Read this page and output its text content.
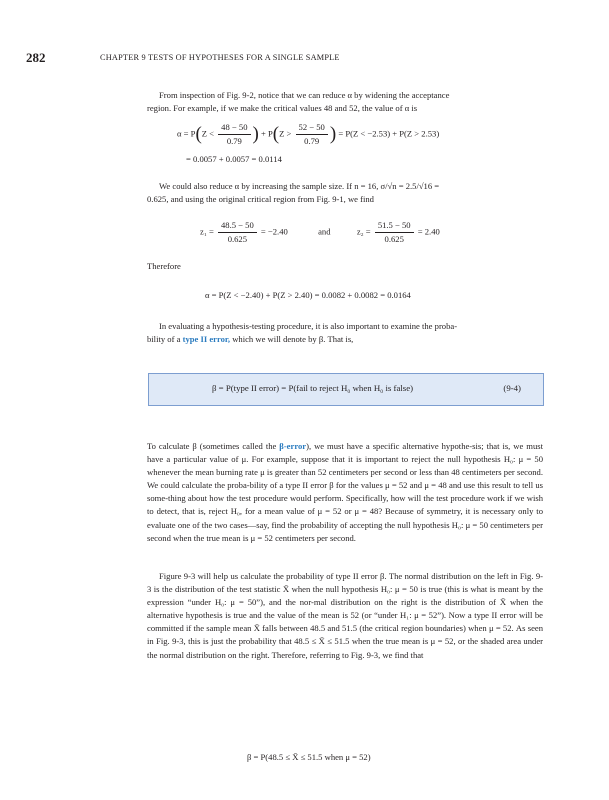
282	CHAPTER 9 TESTS OF HYPOTHESES FOR A SINGLE SAMPLE
From inspection of Fig. 9-2, notice that we can reduce α by widening the acceptance
region. For example, if we make the critical values 48 and 52, the value of α is
$\alpha = P(Z < \frac{48 - 50}{0.79}$ ) + $P(Z > \frac{52 - 50}{0.79}$ ) = P(Z < −2.53) + P(Z > 2.53)
= 0.0057 + 0.0057 = 0.0114
We could also reduce α by increasing the sample size. If n = 16, σ/√n = 2.5/√16 =
0.625, and using the original critical region from Fig. 9-1, we find
$z_1 = \frac{48.5 - 50}{0.625} = -2.40$	and	$z_2 = \frac{51.5 - 50}{0.625} = 2.40$
Therefore
α = P(Z < −2.40) + P(Z > 2.40) = 0.0082 + 0.0082 = 0.0164
In evaluating a hypothesis-testing procedure, it is also important to examine the proba-
bility of a type II error, which we will denote by β. That is,
β = P(type II error) = P(fail to reject H₀ when H₀ is false)	(9-4)
To calculate β (sometimes called the β-error), we must have a specific alternative hypothe-sis; that is, we must have a particular value of μ. For example, suppose that it is important to reject the null hypothesis H₀: μ = 50 whenever the mean burning rate μ is greater than 52 centimeters per second or less than 48 centimeters per second. We could calculate the proba-bility of a type II error β for the values μ = 52 and μ = 48 and use this result to tell us some-thing about how the test procedure would perform. Specifically, how will the test procedure work if we wish to detect, that is, reject H₀, for a mean value of μ = 52 or μ = 48? Because of symmetry, it is necessary only to evaluate one of the two cases—say, find the probability of accepting the null hypothesis H₀: μ = 50 centimeters per second when the true mean is μ = 52 centimeters per second.
Figure 9-3 will help us calculate the probability of type II error β. The normal distribution on the left in Fig. 9-3 is the distribution of the test statistic X̄ when the null hypothesis H₀: μ = 50 is true (this is what is meant by the expression “under H₀: μ = 50”), and the nor-mal distribution on the right is the distribution of X̄ when the alternative hypothesis is true and the value of the mean is 52 (or “under H₁: μ = 52”). Now a type II error will be committed if the sample mean X̄ falls between 48.5 and 51.5 (the critical region boundaries) when μ = 52. As seen in Fig. 9-3, this is just the probability that 48.5 ≤ X̄ ≤ 51.5 when the true mean is μ = 52, or the shaded area under the normal distribution on the right. Therefore, referring to Fig. 9-3, we find that
β = P(48.5 ≤ X̄ ≤ 51.5 when μ = 52)
